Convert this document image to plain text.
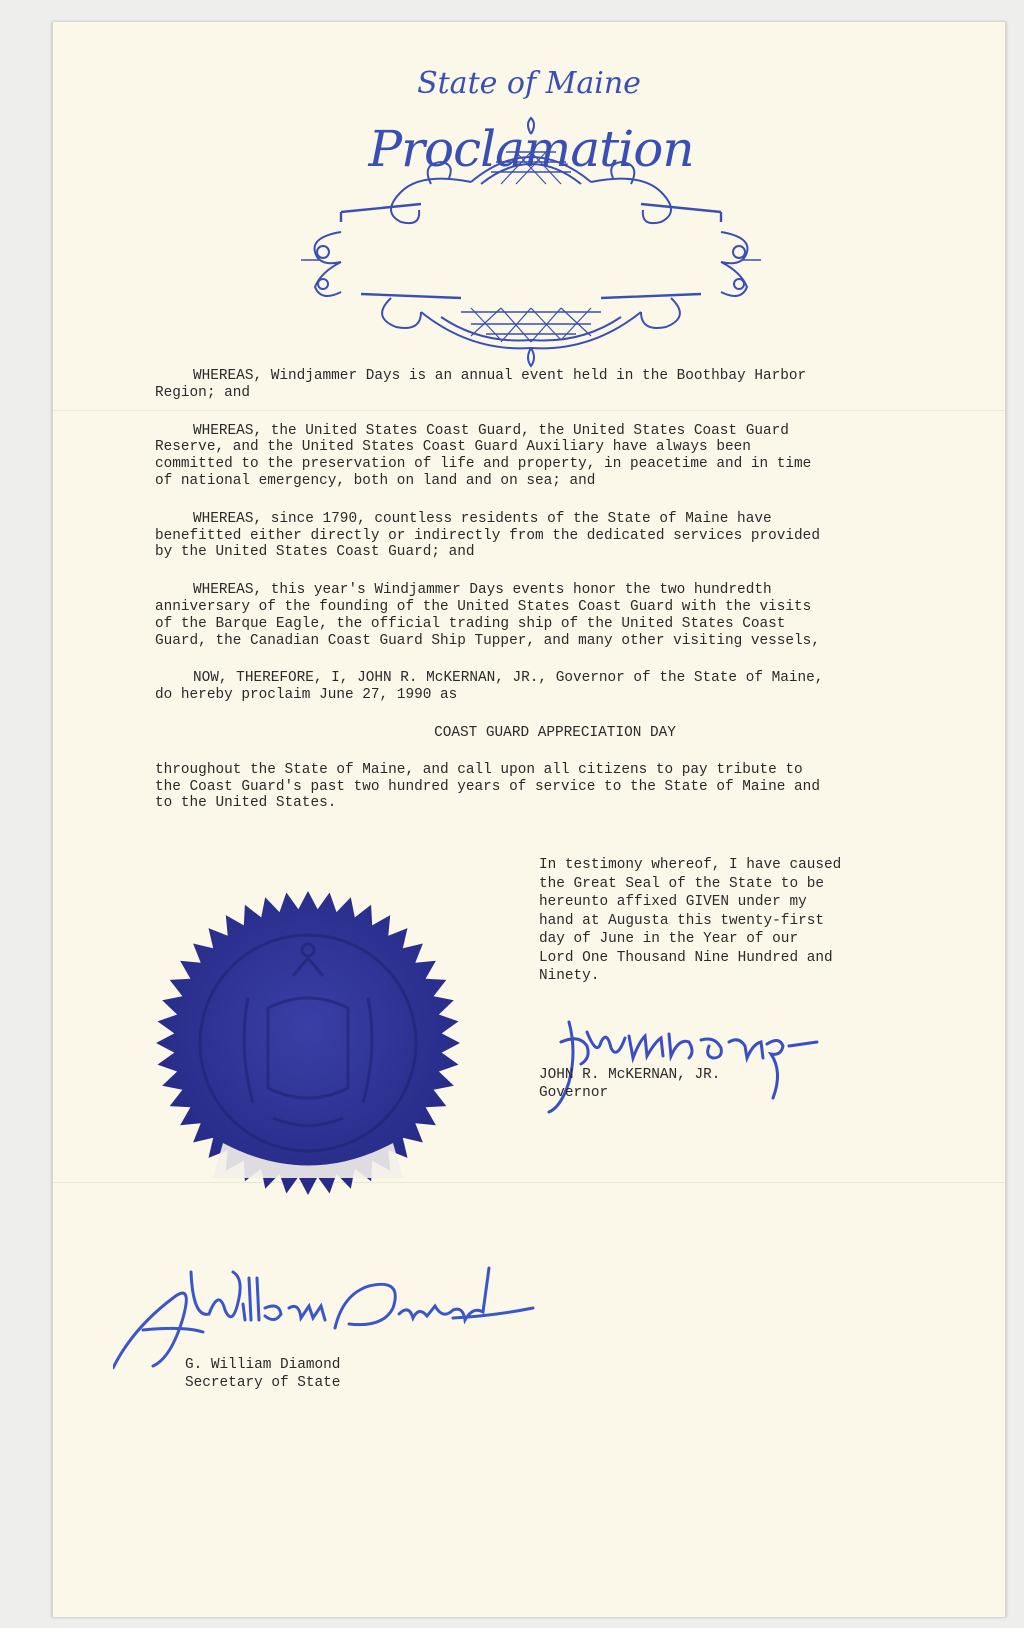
State of Maine
Proclamation

WHEREAS, Windjammer Days is an annual event held in the Boothbay Harbor
Region; and

WHEREAS, the United States Coast Guard, the United States Coast Guard
Reserve, and the United States Coast Guard Auxiliary have always been
committed to the preservation of life and property, in peacetime and in time
of national emergency, both on land and on sea; and

WHEREAS, since 1790, countless residents of the State of Maine have
benefitted either directly or indirectly from the dedicated services provided
by the United States Coast Guard; and

WHEREAS, this year's Windjammer Days events honor the two hundredth
anniversary of the founding of the United States Coast Guard with the visits
of the Barque Eagle, the official trading ship of the United States Coast
Guard, the Canadian Coast Guard Ship Tupper, and many other visiting vessels,

NOW, THEREFORE, I, JOHN R. McKERNAN, JR., Governor of the State of Maine,
do hereby proclaim June 27, 1990 as

COAST GUARD APPRECIATION DAY

throughout the State of Maine, and call upon all citizens to pay tribute to
the Coast Guard's past two hundred years of service to the State of Maine and
to the United States.

In testimony whereof, I have caused
the Great Seal of the State to be
hereunto affixed GIVEN under my
hand at Augusta this twenty-first
day of June in the Year of our
Lord One Thousand Nine Hundred and
Ninety.
JOHN R. McKERNAN, JR.
Governor
G. William Diamond
Secretary of State
